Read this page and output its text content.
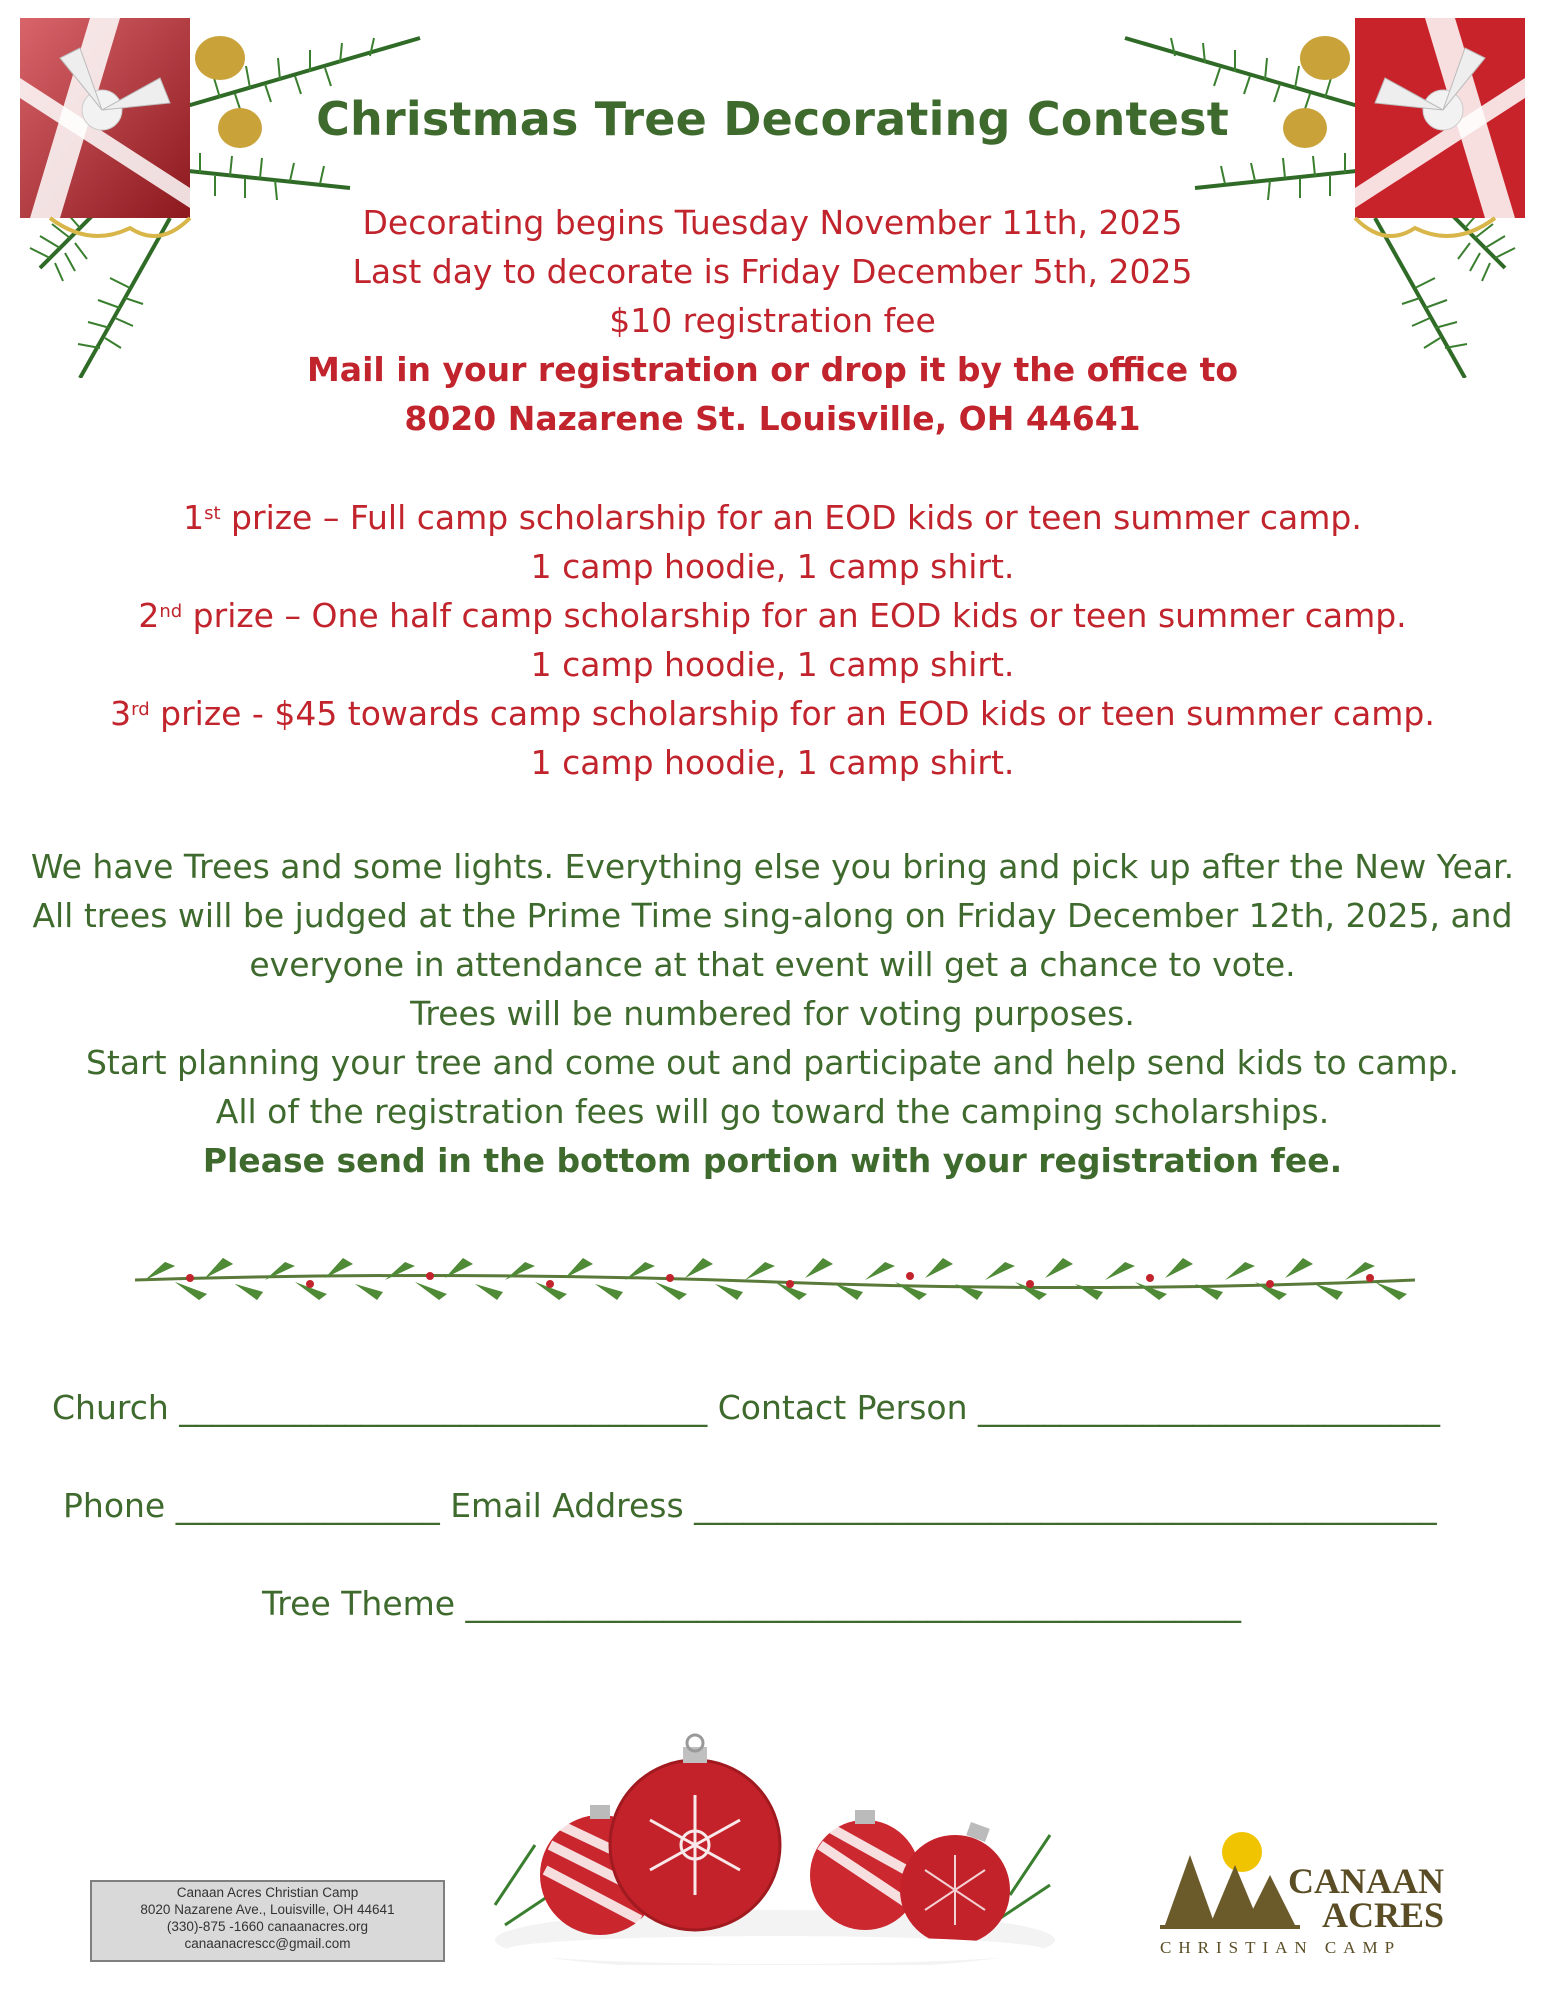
Christmas Tree Decorating Contest
Decorating begins Tuesday November 11th, 2025
Last day to decorate is Friday December 5th, 2025
$10 registration fee
Mail in your registration or drop it by the office to
8020 Nazarene St. Louisville, OH 44641
1st prize – Full camp scholarship for an EOD kids or teen summer camp.
1 camp hoodie, 1 camp shirt.
2nd prize – One half camp scholarship for an EOD kids or teen summer camp.
1 camp hoodie, 1 camp shirt.
3rd prize - $45 towards camp scholarship for an EOD kids or teen summer camp.
1 camp hoodie, 1 camp shirt.
We have Trees and some lights. Everything else you bring and pick up after the New Year.
All trees will be judged at the Prime Time sing-along on Friday December 12th, 2025, and
everyone in attendance at that event will get a chance to vote.
Trees will be numbered for voting purposes.
Start planning your tree and come out and participate and help send kids to camp.
All of the registration fees will go toward the camping scholarships.
Please send in the bottom portion with your registration fee.
Church ________________________________ Contact Person ____________________________
Phone ________________ Email Address _____________________________________________
Tree Theme _______________________________________________
Canaan Acres Christian Camp
8020 Nazarene Ave., Louisville, OH 44641
(330)-875 -1660 canaanacres.org
canaanacrescc@gmail.com
CANAAN
ACRES
CHRISTIAN CAMP
